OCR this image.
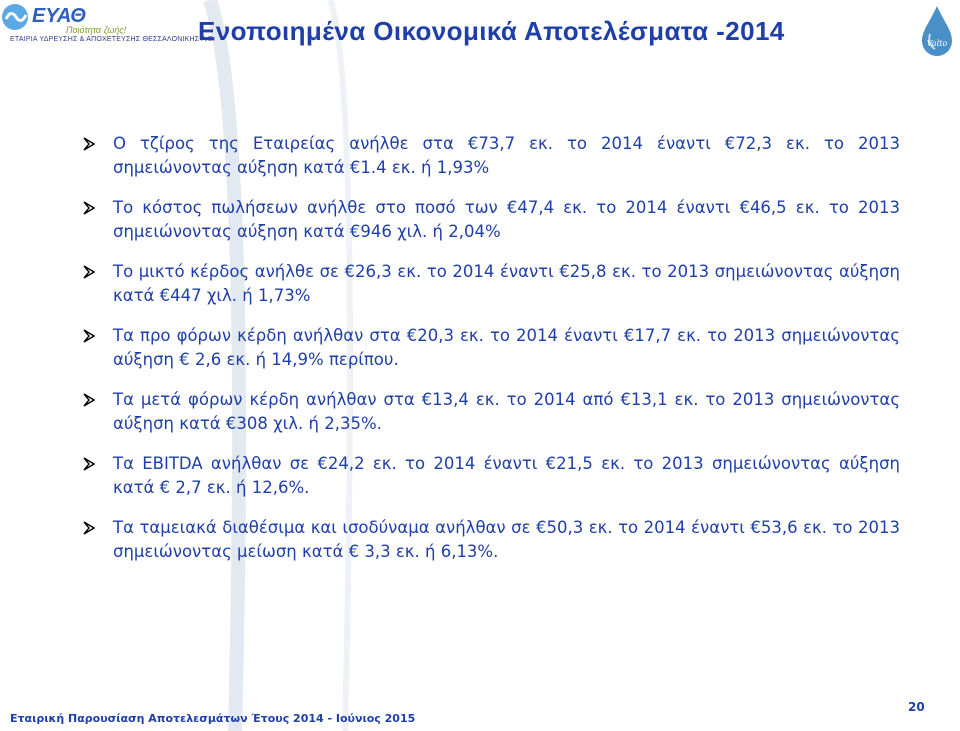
ΕΥΑΘ
Ποιότητα ζωής!
ΕΤΑΙΡΙΑ ΥΔΡΕΥΣΗΣ & ΑΠΟΧΕΤΕΥΣΗΣ ΘΕΣΣΑΛΟΝΙΚΗΣ Α.Ε.
Ενοποιημένα Οικονομικά Αποτελέσματα -2014	Valto
Ο τζίρος της Εταιρείας ανήλθε στα €73,7 εκ. το 2014 έναντι €72,3 εκ. το 2013 σημειώνοντας αύξηση κατά €1.4 εκ. ή 1,93%
Το κόστος πωλήσεων ανήλθε στο ποσό των €47,4 εκ. το 2014 έναντι €46,5 εκ. το 2013 σημειώνοντας αύξηση κατά €946 χιλ. ή 2,04%
Το μικτό κέρδος ανήλθε σε €26,3 εκ. το 2014 έναντι €25,8 εκ. το 2013 σημειώνοντας αύξηση κατά €447 χιλ. ή 1,73%
Τα προ φόρων κέρδη ανήλθαν στα €20,3 εκ. το 2014 έναντι €17,7 εκ. το 2013 σημειώνοντας αύξηση € 2,6 εκ. ή 14,9% περίπου.
Τα μετά φόρων κέρδη ανήλθαν στα €13,4 εκ. το 2014 από €13,1 εκ. το 2013 σημειώνοντας αύξηση κατά €308 χιλ. ή 2,35%.
Τα EBITDA ανήλθαν σε €24,2 εκ. το 2014 έναντι €21,5 εκ. το 2013 σημειώνοντας αύξηση κατά € 2,7 εκ. ή 12,6%.
Τα ταμειακά διαθέσιμα και ισοδύναμα ανήλθαν σε €50,3 εκ. το 2014 έναντι €53,6 εκ. το 2013 σημειώνοντας μείωση κατά € 3,3 εκ. ή 6,13%.
Εταιρική Παρουσίαση Αποτελεσμάτων Έτους 2014 - Ιούνιος 2015
20
